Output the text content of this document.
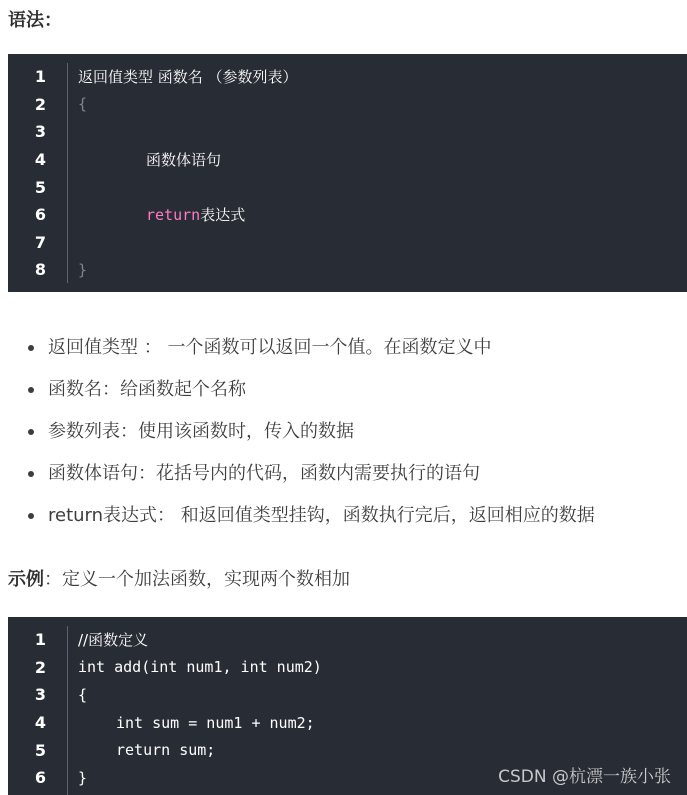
语法：
1	返回值类型 函数名 （参数列表）
2	{
3
4	函数体语句
5
6	return表达式
7
8	}
返回值类型 ： 一个函数可以返回一个值。在函数定义中
函数名：给函数起个名称
参数列表：使用该函数时，传入的数据
函数体语句：花括号内的代码，函数内需要执行的语句
return表达式： 和返回值类型挂钩，函数执行完后，返回相应的数据
示例：定义一个加法函数，实现两个数相加
1	//函数定义
2	int add(int num1, int num2)
3	{
4	int sum = num1 + num2;
5	return sum;
6	}	CSDN @杭漂一族小张
